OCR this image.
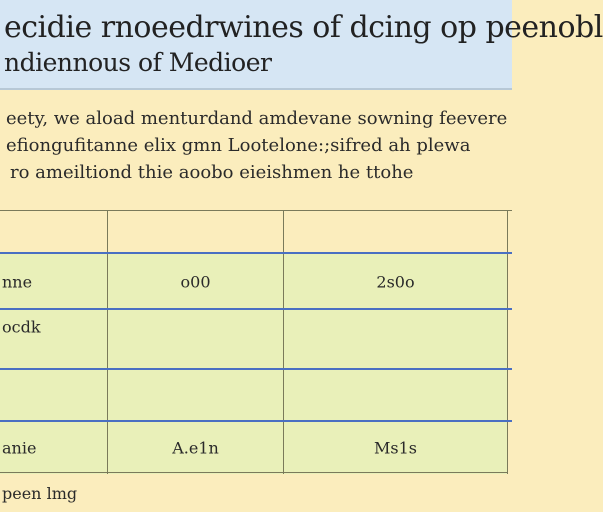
ecidie rnoeedrwines of dcing op peenobl
ndiennous of Medioer
eety, we aload menturdand amdevane sowning feevere
efiongufitanne elix gmn Lootelone:;sifred ah plewa
ro ameiltiond thie aoobo eieishmen he ttohe
nne	o00	2s0o
ocdk
anie	A.e1n	Ms1s
peen lmg
